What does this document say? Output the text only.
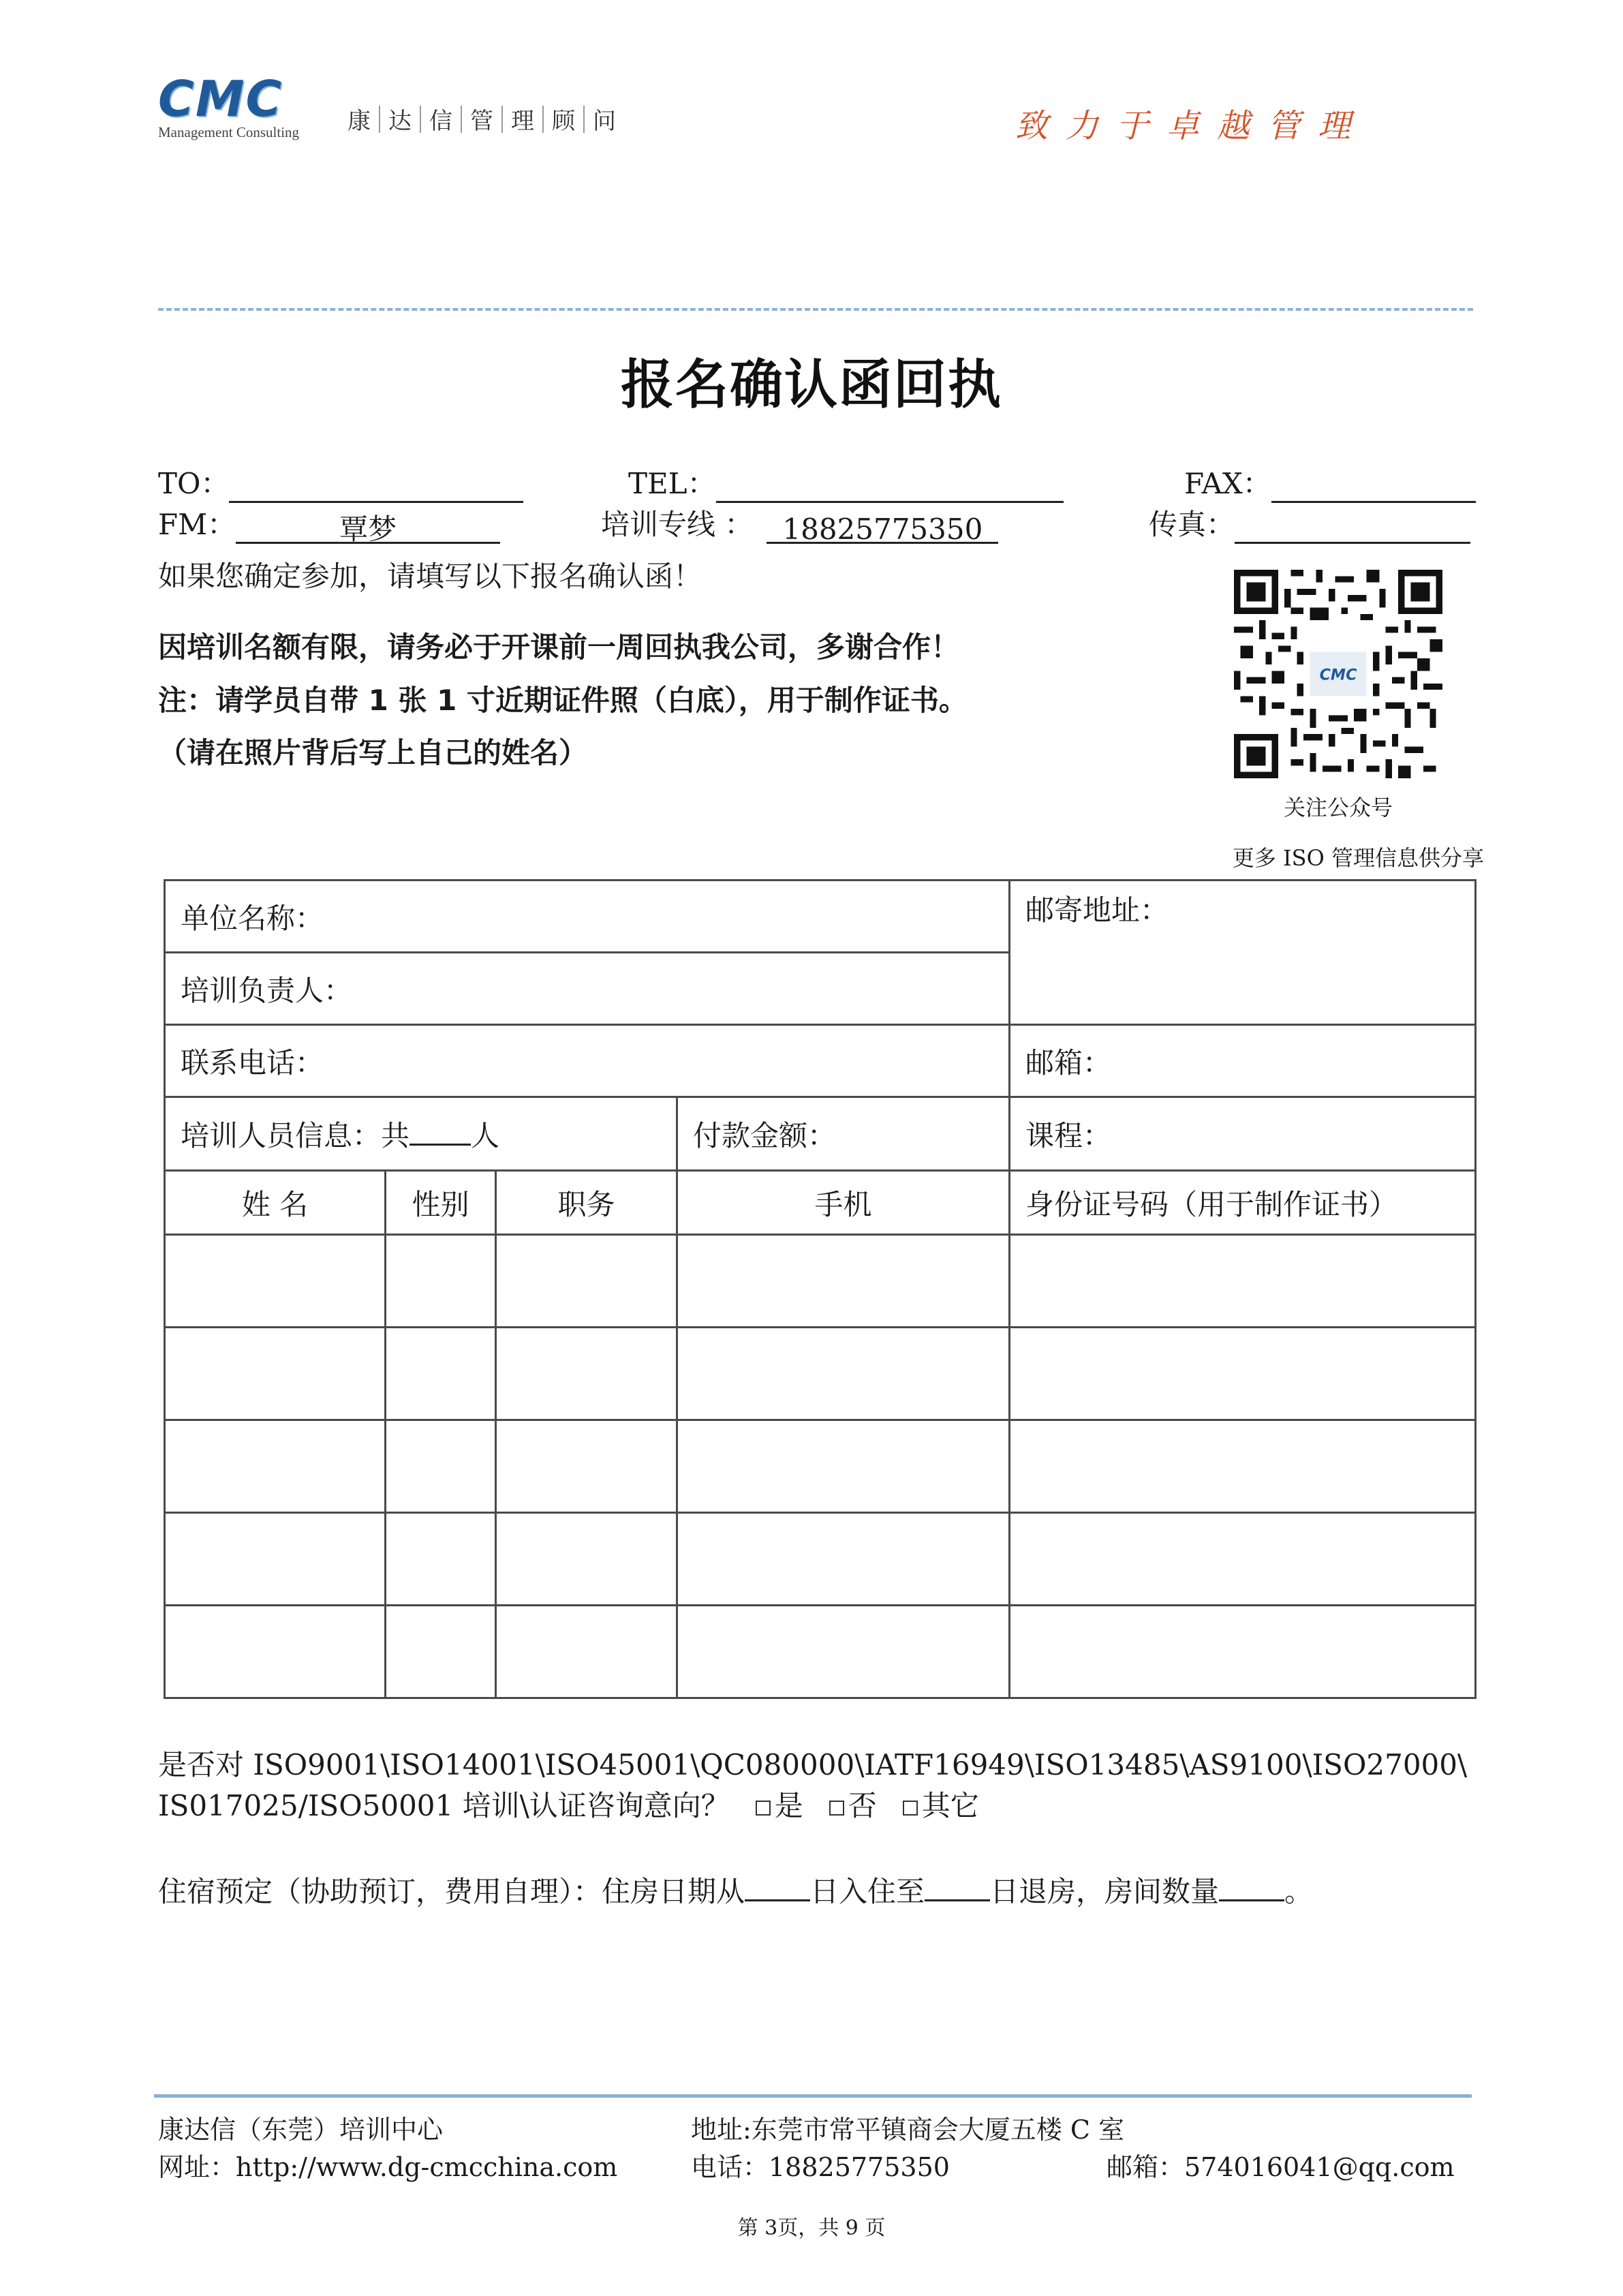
CMC
Management Consulting	康 达 信 管 理 顾 问	致力于卓越管理
报名确认函回执
TO：	TEL：	FAX：
FM：	覃梦	培训专线 ：	18825775350	传真：
如果您确定参加，请填写以下报名确认函！
因培训名额有限，请务必于开课前一周回执我公司，多谢合作！
注：请学员自带 1 张 1 寸近期证件照（白底），用于制作证书。
（请在照片背后写上自己的姓名）
CMC
关注公众号
更多 ISO 管理信息供分享
单位名称：				邮寄地址：
培训负责人：				
联系电话：				邮箱：
培训人员信息：共 人			付款金额：	课程：
姓 名	性别	职务	手机	身份证号码（用于制作证书）

是否对 ISO9001\ISO14001\ISO45001\QC080000\IATF16949\ISO13485\AS9100\ISO27000\
IS017025/ISO50001 培训\认证咨询意向？ 是 否 其它
住宿预定（协助预订，费用自理）：住房日期从 日入住至 日退房，房间数量 。
康达信（东莞）培训中心
网址：http://www.dg-cmcchina.com
地址:东莞市常平镇商会大厦五楼 C 室
电话：18825775350	邮箱：574016041@qq.com
第 3页，共 9 页
